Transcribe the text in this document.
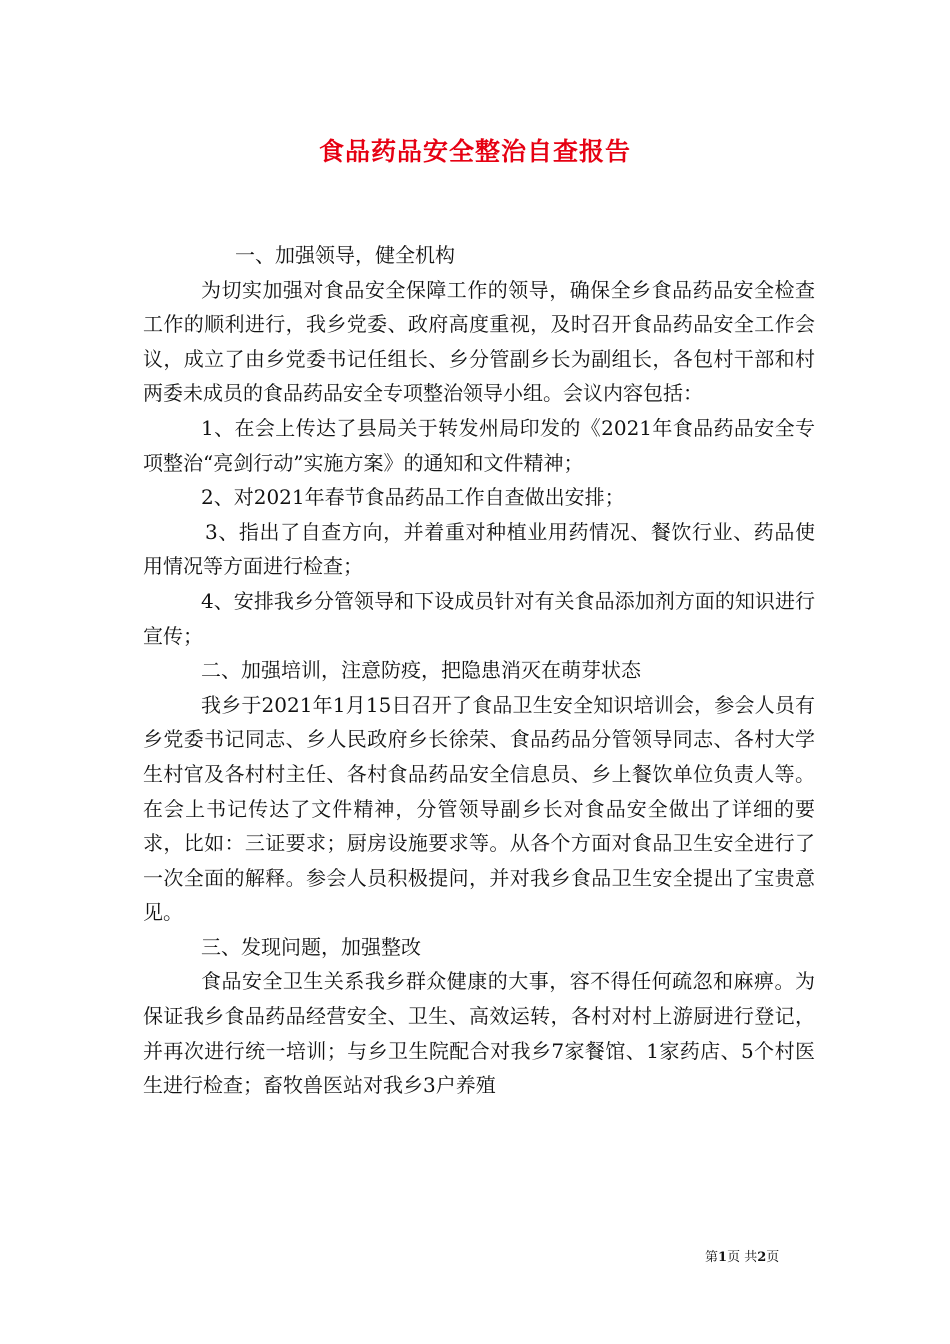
食品药品安全整治自查报告

一、加强领导，健全机构

为切实加强对食品安全保障工作的领导，确保全乡食品药品安全检查工作的顺利进行，我乡党委、政府高度重视，及时召开食品药品安全工作会议，成立了由乡党委书记任组长、乡分管副乡长为副组长，各包村干部和村两委未成员的食品药品安全专项整治领导小组。会议内容包括：

1、在会上传达了县局关于转发州局印发的《2021年食品药品安全专项整治“亮剑行动”实施方案》的通知和文件精神；

2、对2021年春节食品药品工作自查做出安排；

3、指出了自查方向，并着重对种植业用药情况、餐饮行业、药品使用情况等方面进行检查；

4、安排我乡分管领导和下设成员针对有关食品添加剂方面的知识进行宣传；

二、加强培训，注意防疫，把隐患消灭在萌芽状态

我乡于2021年1月15日召开了食品卫生安全知识培训会，参会人员有乡党委书记同志、乡人民政府乡长徐荣、食品药品分管领导同志、各村大学生村官及各村村主任、各村食品药品安全信息员、乡上餐饮单位负责人等。在会上书记传达了文件精神，分管领导副乡长对食品安全做出了详细的要求，比如：三证要求；厨房设施要求等。从各个方面对食品卫生安全进行了一次全面的解释。参会人员积极提问，并对我乡食品卫生安全提出了宝贵意见。

三、发现问题，加强整改

食品安全卫生关系我乡群众健康的大事，容不得任何疏忽和麻痹。为保证我乡食品药品经营安全、卫生、高效运转，各村对村上游厨进行登记，并再次进行统一培训；与乡卫生院配合对我乡7家餐馆、1家药店、5个村医生进行检查；畜牧兽医站对我乡3户养殖

第1页 共2页
